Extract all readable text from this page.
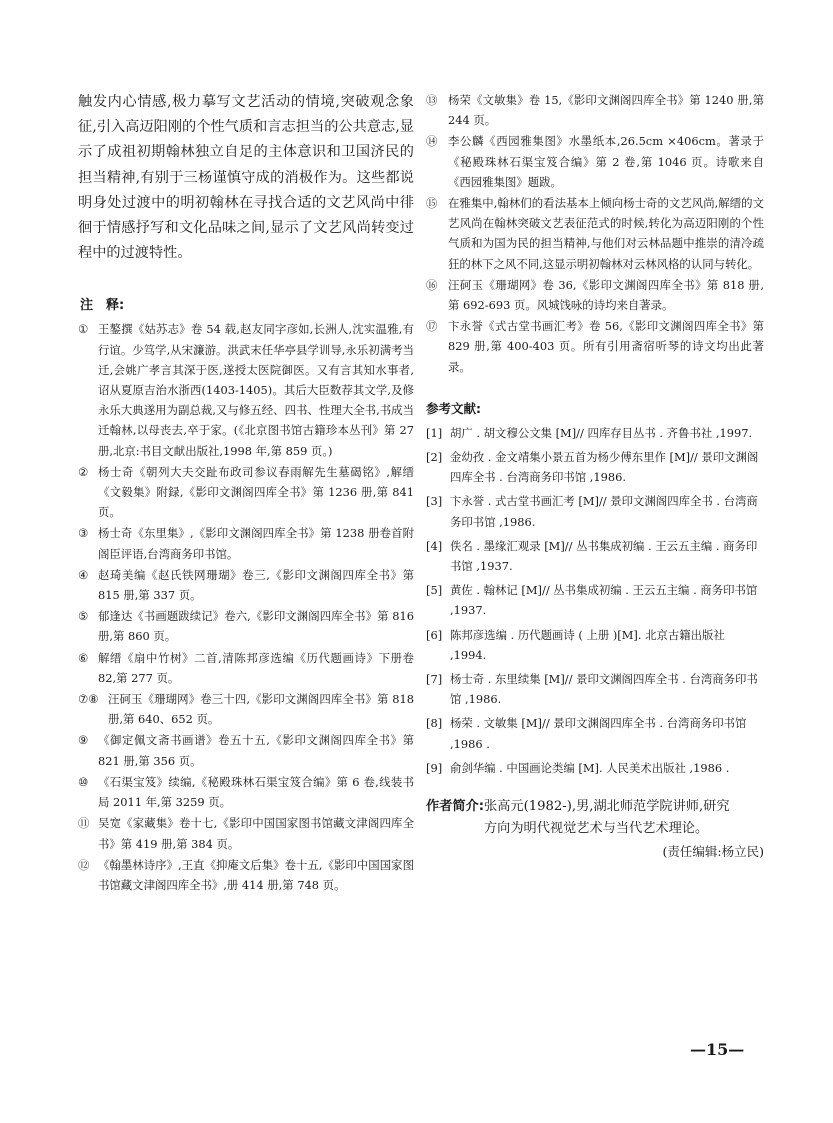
触发内心情感,极力摹写文艺活动的情境,突破观念象征,引入高迈阳刚的个性气质和言志担当的公共意志,显示了成祖初期翰林独立自足的主体意识和卫国济民的担当精神,有别于三杨谨慎守成的消极作为。这些都说明身处过渡中的明初翰林在寻找合适的文艺风尚中徘徊于情感抒写和文化品味之间,显示了文艺风尚转变过程中的过渡特性。

注　释:

① 王鏊撰《姑苏志》卷 54 载,赵友同字彦如,长洲人,沈实温雅,有行谊。少笃学,从宋濂游。洪武末任华亭县学训导,永乐初满考当迁,会姚广孝言其深于医,遂授太医院御医。又有言其知水事者,诏从夏原吉治水浙西(1403-1405)。其后大臣数荐其文学,及修永乐大典遂用为副总裁,又与修五经、四书、性理大全书,书成当迁翰林,以母丧去,卒于家。(《北京图书馆古籍珍本丛刊》第 27 册,北京:书目文献出版社,1998 年,第 859 页。)

② 杨士奇《朝列大夫交趾布政司参议春雨解先生墓碣铭》,解缙《文毅集》附録,《影印文渊阁四库全书》第 1236 册,第 841 页。

③ 杨士奇《东里集》,《影印文渊阁四库全书》第 1238 册卷首附阁臣评语,台湾商务印书馆。

④ 赵琦美编《赵氏铁网珊瑚》卷三,《影印文渊阁四库全书》第 815 册,第 337 页。

⑤ 郁逢达《书画题跋续记》卷六,《影印文渊阁四库全书》第 816 册,第 860 页。

⑥ 解缙《扇中竹树》二首,清陈邦彦选编《历代题画诗》下册卷 82,第 277 页。

⑦⑧ 汪砢玉《珊瑚网》卷三十四,《影印文渊阁四库全书》第 818 册,第 640、652 页。

⑨ 《御定佩文斋书画谱》卷五十五,《影印文渊阁四库全书》第 821 册,第 356 页。

⑩ 《石渠宝笈》续编,《秘殿珠林石渠宝笈合编》第 6 卷,线装书局 2011 年,第 3259 页。

⑪ 吴宽《家藏集》卷十七,《影印中国国家图书馆藏文津阁四库全书》第 419 册,第 384 页。

⑫ 《翰墨林诗序》,王直《抑庵文后集》卷十五,《影印中国国家图书馆藏文津阁四库全书》,册 414 册,第 748 页。

⑬ 杨荣《文敏集》卷 15,《影印文渊阁四库全书》第 1240 册,第 244 页。

⑭ 李公麟《西园雅集图》水墨纸本,26.5cm ×406cm。著录于《秘殿珠林石渠宝笈合编》第 2 卷,第 1046 页。诗歌来自《西园雅集图》题跋。

⑮ 在雅集中,翰林们的看法基本上倾向杨士奇的文艺风尚,解缙的文艺风尚在翰林突破文艺表征范式的时候,转化为高迈阳刚的个性气质和为国为民的担当精神,与他们对云林品题中推崇的清冷疏狂的林下之风不同,这显示明初翰林对云林风格的认同与转化。

⑯ 汪砢玉《珊瑚网》卷 36,《影印文渊阁四库全书》第 818 册,第 692-693 页。风城饯咏的诗均来自著录。

⑰ 卞永誉《式古堂书画汇考》卷 56,《影印文渊阁四库全书》第 829 册,第 400-403 页。所有引用斋宿听琴的诗文均出此著录。

参考文献:

[1] 胡广 . 胡文穆公文集 [M]// 四库存目丛书 . 齐鲁书社 ,1997.

[2] 金幼孜 . 金文靖集小景五首为杨少傅东里作 [M]// 景印文渊阁四库全书 . 台湾商务印书馆 ,1986.

[3] 卞永誉 . 式古堂书画汇考 [M]// 景印文渊阁四库全书 . 台湾商务印书馆 ,1986.

[4] 佚名 . 墨缘汇观录 [M]// 丛书集成初编 . 王云五主编 . 商务印书馆 ,1937.

[5] 黄佐 . 翰林记 [M]// 丛书集成初编 . 王云五主编 . 商务印书馆 ,1937.

[6] 陈邦彦选编 . 历代题画诗 ( 上册 )[M]. 北京古籍出版社 ,1994.

[7] 杨士奇 . 东里续集 [M]// 景印文渊阁四库全书 . 台湾商务印书馆 ,1986.

[8] 杨荣 . 文敏集 [M]// 景印文渊阁四库全书 . 台湾商务印书馆 ,1986 .

[9] 俞剑华编 . 中国画论类编 [M]. 人民美术出版社 ,1986 .

作者简介:张高元(1982-),男,湖北师范学院讲师,研究
方向为明代视觉艺术与当代艺术理论。
(责任编辑:杨立民)
—15—
